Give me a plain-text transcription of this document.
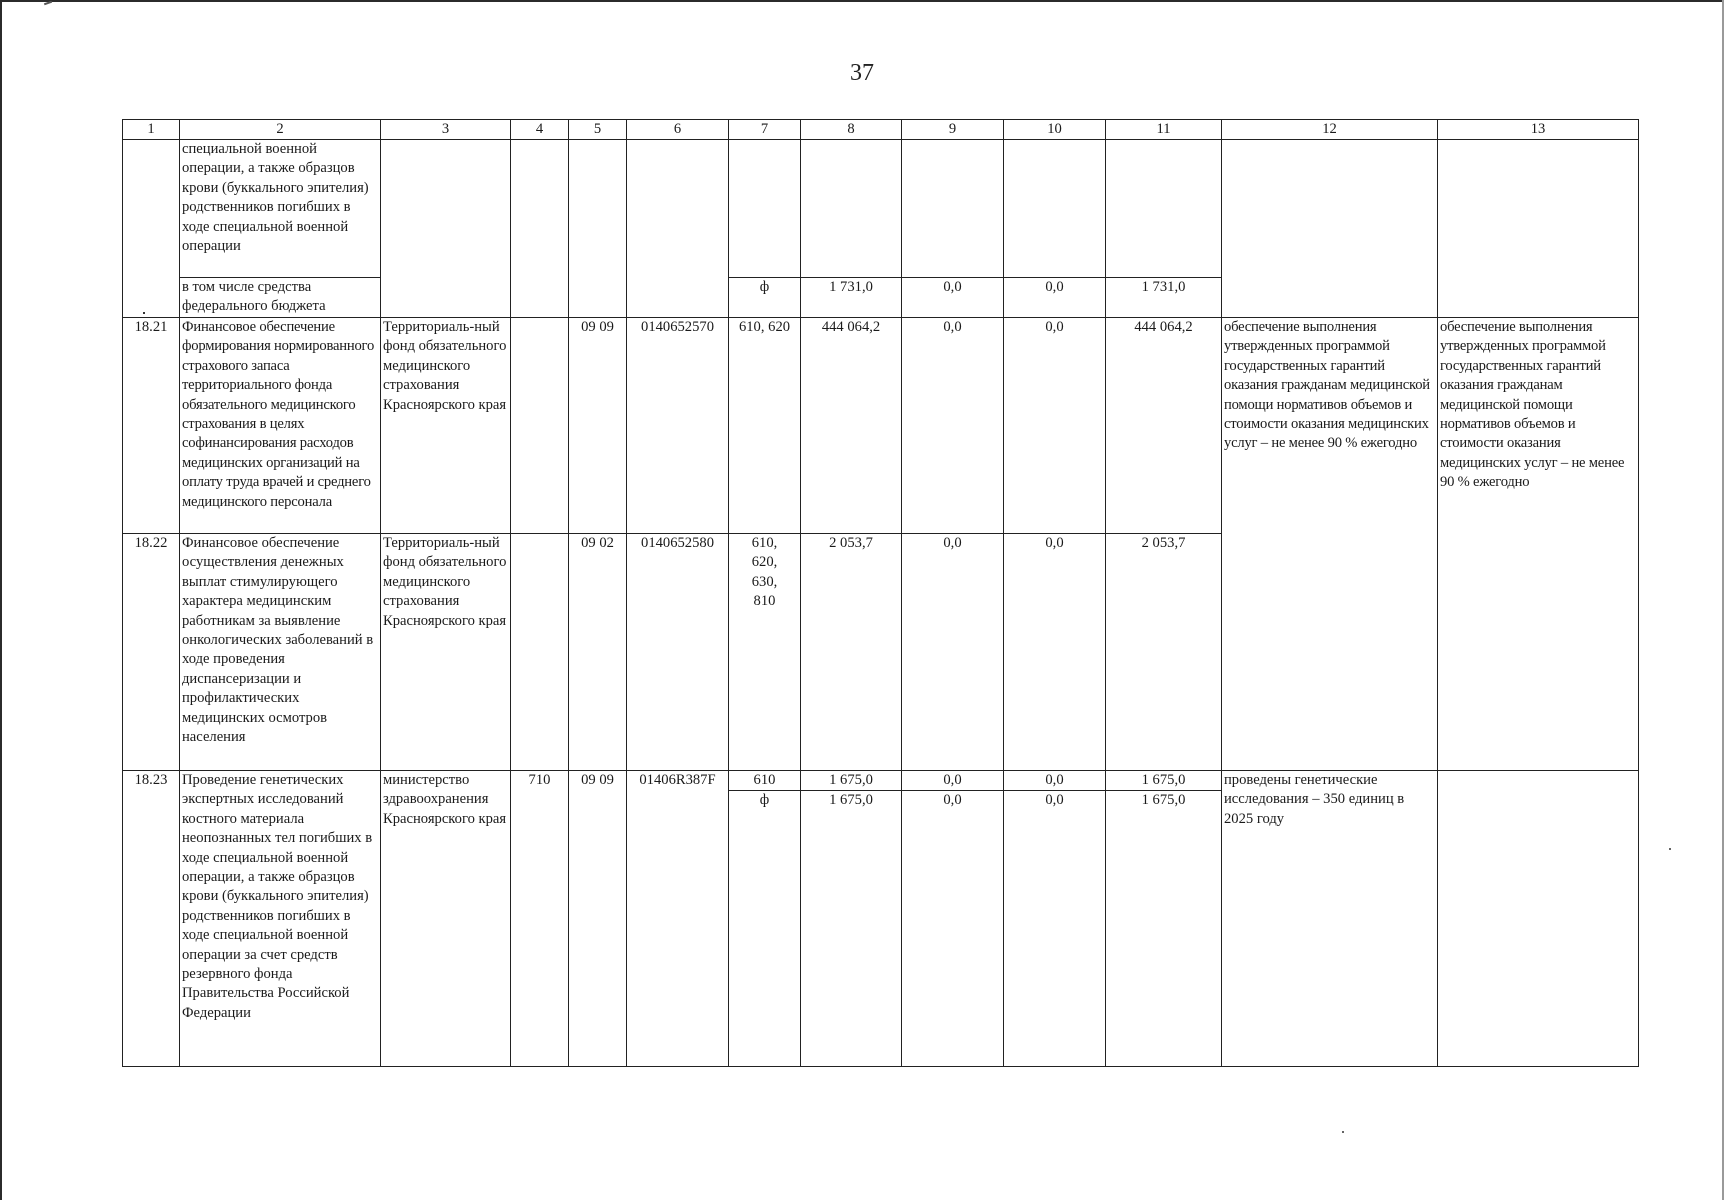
37
1	2	3	4	5	6	7	8	9	10	11	12	13
	специальной военной операции, а также образцов крови (буккального эпителия) родственников погибших в ходе специальной военной операции											
	в том числе средства федерального бюджета					ф	1 731,0	0,0	0,0	1 731,0		
18.21	Финансовое обеспечение формирования нормированного страхового запаса территориального фонда обязательного медицинского страхования в целях софинансирования расходов медицинских организаций на оплату труда врачей и среднего медицинского персонала	Территориаль-ный фонд обязательного медицинского страхования Красноярского края		09 09	0140652570	610, 620	444 064,2	0,0	0,0	444 064,2	обеспечение выполнения утвержденных программой государственных гарантий оказания гражданам медицинской помощи нормативов объемов и стоимости оказания медицинских услуг – не менее 90 % ежегодно	обеспечение выполнения утвержденных программой государственных гарантий оказания гражданам медицинской помощи нормативов объемов и стоимости оказания медицинских услуг – не менее 90 % ежегодно
18.22	Финансовое обеспечение осуществления денежных выплат стимулирующего характера медицинским работникам за выявление онкологических заболеваний в ходе проведения диспансеризации и профилактических медицинских осмотров населения	Территориаль-ный фонд обязательного медицинского страхования Красноярского края		09 02	0140652580	610, 620, 630, 810	2 053,7	0,0	0,0	2 053,7		
18.23	Проведение генетических экспертных исследований костного материала неопознанных тел погибших в ходе специальной военной операции, а также образцов крови (буккального эпителия) родственников погибших в ходе специальной военной операции за счет средств резервного фонда Правительства Российской Федерации	министерство здравоохранения Красноярского края	710	09 09	01406R387F	610	1 675,0	0,0	0,0	1 675,0	проведены генетические исследования – 350 единиц в 2025 году	
						ф	1 675,0	0,0	0,0	1 675,0		
